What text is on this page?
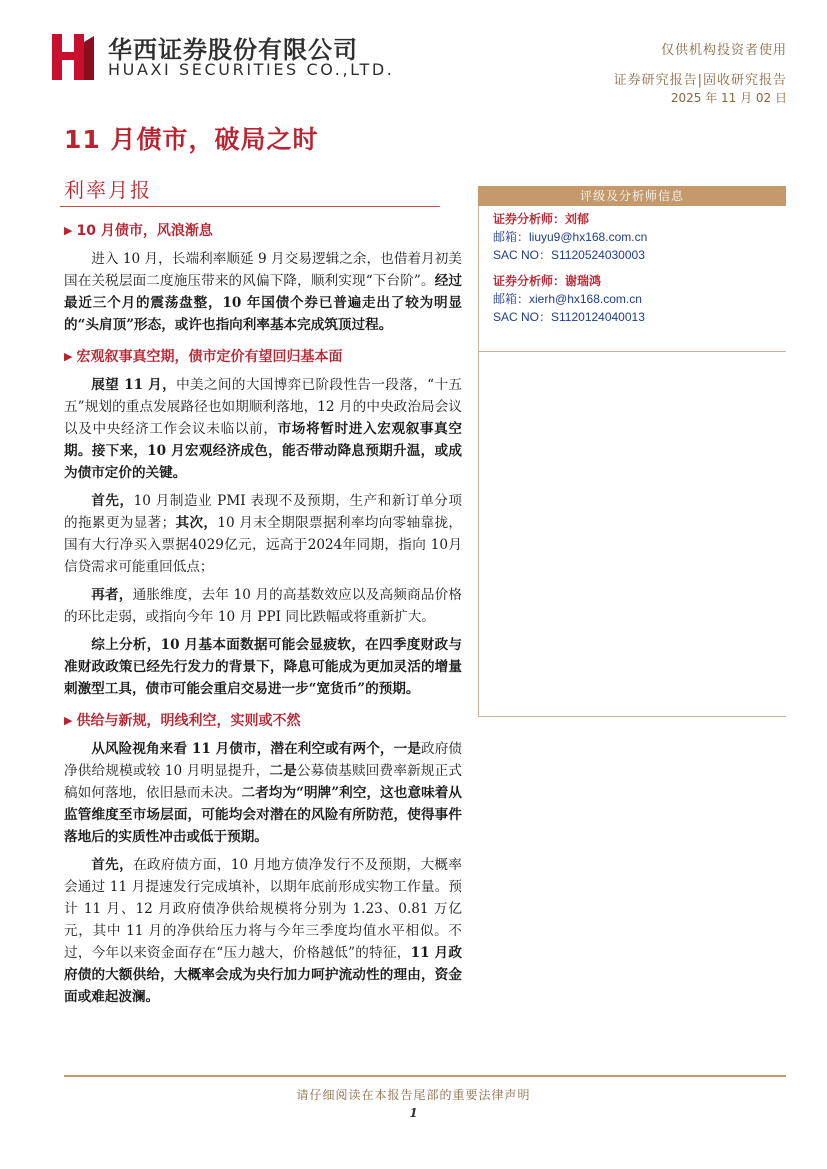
华西证券股份有限公司
HUAXI SECURITIES CO.,LTD.
仅供机构投资者使用
证券研究报告|固收研究报告
2025 年 11 月 02 日
11 月债市，破局之时
利率月报
▶ 10 月债市，风浪渐息

进入 10 月，长端利率顺延 9 月交易逻辑之余，也借着月初美国在关税层面二度施压带来的风偏下降，顺利实现“下台阶”。经过最近三个月的震荡盘整，10 年国债个券已普遍走出了较为明显的“头肩顶”形态，或许也指向利率基本完成筑顶过程。

▶ 宏观叙事真空期，债市定价有望回归基本面

展望 11 月，中美之间的大国博弈已阶段性告一段落，“十五五”规划的重点发展路径也如期顺利落地，12 月的中央政治局会议以及中央经济工作会议未临以前，市场将暂时进入宏观叙事真空期。接下来，10 月宏观经济成色，能否带动降息预期升温，或成为债市定价的关键。

首先，10 月制造业 PMI 表现不及预期，生产和新订单分项的拖累更为显著；其次，10 月末全期限票据利率均向零轴靠拢，国有大行净买入票据4029亿元，远高于2024年同期，指向 10月信贷需求可能重回低点；

再者，通胀维度，去年 10 月的高基数效应以及高频商品价格的环比走弱，或指向今年 10 月 PPI 同比跌幅或将重新扩大。

综上分析，10 月基本面数据可能会显疲软，在四季度财政与准财政政策已经先行发力的背景下，降息可能成为更加灵活的增量刺激型工具，债市可能会重启交易进一步“宽货币”的预期。

▶ 供给与新规，明线利空，实则或不然

从风险视角来看 11 月债市，潜在利空或有两个，一是政府债净供给规模或较 10 月明显提升，二是公募债基赎回费率新规正式稿如何落地，依旧悬而未决。二者均为“明牌”利空，这也意味着从监管维度至市场层面，可能均会对潜在的风险有所防范，使得事件落地后的实质性冲击或低于预期。

首先，在政府债方面，10 月地方债净发行不及预期，大概率会通过 11 月提速发行完成填补，以期年底前形成实物工作量。预计 11 月、12 月政府债净供给规模将分别为 1.23、0.81 万亿元，其中 11 月的净供给压力将与今年三季度均值水平相似。不过，今年以来资金面存在“压力越大，价格越低”的特征，11 月政府债的大额供给，大概率会成为央行加力呵护流动性的理由，资金面或难起波澜。

评级及分析师信息
证券分析师：刘郁
邮箱：liuyu9@hx168.com.cn
SAC NO：S1120524030003
证券分析师：谢瑞鸿
邮箱：xierh@hx168.com.cn
SAC NO：S1120124040013
请仔细阅读在本报告尾部的重要法律声明
1
